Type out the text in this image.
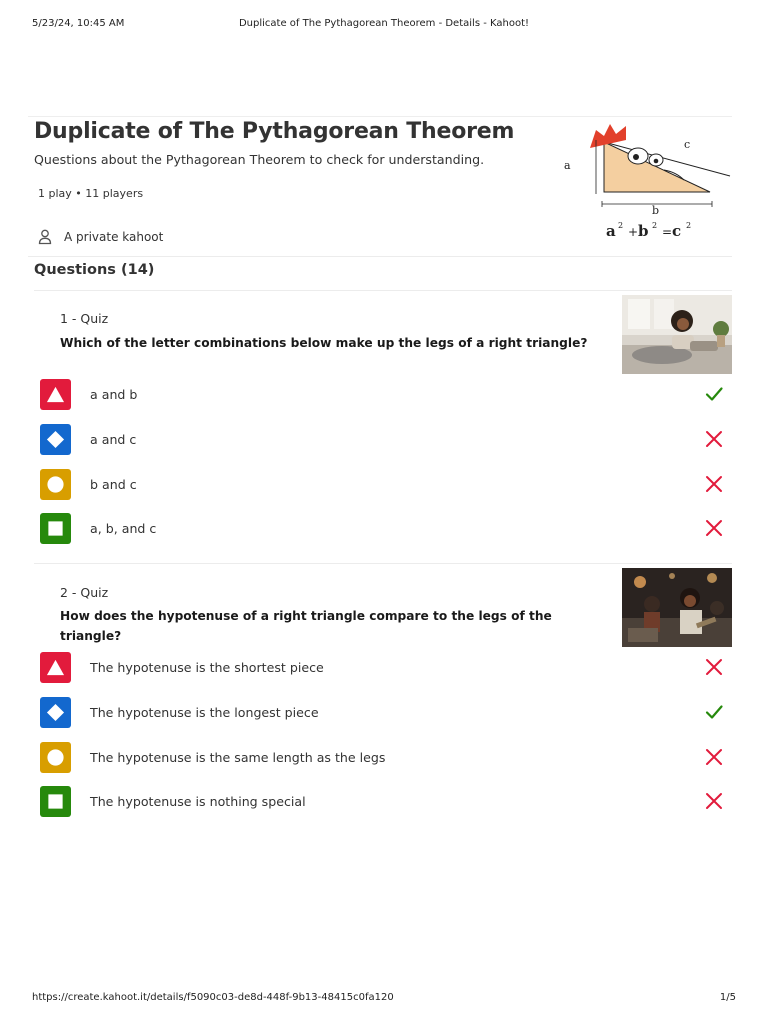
5/23/24, 10:45 AM	Duplicate of The Pythagorean Theorem - Details - Kahoot!
Duplicate of The Pythagorean Theorem
Questions about the Pythagorean Theorem to check for understanding.
1 play • 11 players
A private kahoot
a
b
c
a 2 + b 2 = c 2
Questions (14)
1 - Quiz
Which of the letter combinations below make up the legs of a right triangle?
a and b
a and c
b and c
a, b, and c
2 - Quiz
How does the hypotenuse of a right triangle compare to the legs of the triangle?
The hypotenuse is the shortest piece
The hypotenuse is the longest piece
The hypotenuse is the same length as the legs
The hypotenuse is nothing special
https://create.kahoot.it/details/f5090c03-de8d-448f-9b13-48415c0fa120	1/5
